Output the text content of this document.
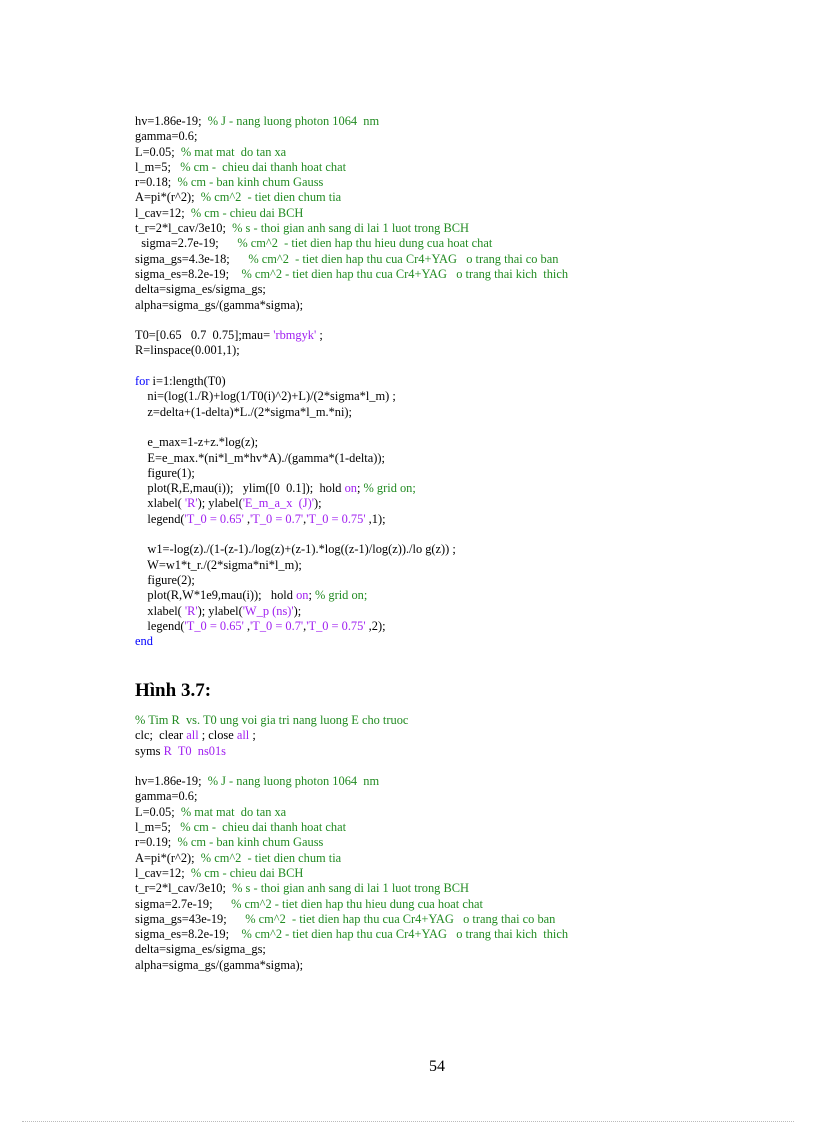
hv=1.86e-19;  % J - nang luong photon 1064  nm
gamma=0.6;
L=0.05;  % mat mat  do tan xa
l_m=5;   % cm -  chieu dai thanh hoat chat
r=0.18;  % cm - ban kinh chum Gauss
A=pi*(r^2);  % cm^2  - tiet dien chum tia
l_cav=12;  % cm - chieu dai BCH
t_r=2*l_cav/3e10;  % s - thoi gian anh sang di lai 1 luot trong BCH
sigma=2.7e-19;      % cm^2  - tiet dien hap thu hieu dung cua hoat chat
sigma_gs=4.3e-18;      % cm^2  - tiet dien hap thu cua Cr4+YAG   o trang thai co ban
sigma_es=8.2e-19;    % cm^2 - tiet dien hap thu cua Cr4+YAG   o trang thai kich  thich
delta=sigma_es/sigma_gs;
alpha=sigma_gs/(gamma*sigma);
T0=[0.65   0.7  0.75];mau= 'rbmgyk' ;
R=linspace(0.001,1);
for i=1:length(T0)
ni=(log(1./R)+log(1/T0(i)^2)+L)/(2*sigma*l_m) ;
z=delta+(1-delta)*L./(2*sigma*l_m.*ni);
e_max=1-z+z.*log(z);
E=e_max.*(ni*l_m*hv*A)./(gamma*(1-delta));
figure(1);
plot(R,E,mau(i));   ylim([0  0.1]);  hold on; % grid on;
xlabel( 'R'); ylabel('E_m_a_x  (J)');
legend('T_0 = 0.65' ,'T_0 = 0.7','T_0 = 0.75' ,1);
w1=-log(z)./(1-(z-1)./log(z)+(z-1).*log((z-1)/log(z))./lo g(z)) ;
W=w1*t_r./(2*sigma*ni*l_m);
figure(2);
plot(R,W*1e9,mau(i));   hold on; % grid on;
xlabel( 'R'); ylabel('W_p (ns)');
legend('T_0 = 0.65' ,'T_0 = 0.7','T_0 = 0.75' ,2);
end
Hình 3.7:
% Tim R  vs. T0 ung voi gia tri nang luong E cho truoc
clc;  clear all ; close all ;
syms R  T0  ns01s
hv=1.86e-19;  % J - nang luong photon 1064  nm
gamma=0.6;
L=0.05;  % mat mat  do tan xa
l_m=5;   % cm -  chieu dai thanh hoat chat
r=0.19;  % cm - ban kinh chum Gauss
A=pi*(r^2);  % cm^2  - tiet dien chum tia
l_cav=12;  % cm - chieu dai BCH
t_r=2*l_cav/3e10;  % s - thoi gian anh sang di lai 1 luot trong BCH
sigma=2.7e-19;      % cm^2 - tiet dien hap thu hieu dung cua hoat chat
sigma_gs=43e-19;      % cm^2  - tiet dien hap thu cua Cr4+YAG   o trang thai co ban
sigma_es=8.2e-19;    % cm^2 - tiet dien hap thu cua Cr4+YAG   o trang thai kich  thich
delta=sigma_es/sigma_gs;
alpha=sigma_gs/(gamma*sigma);
54
